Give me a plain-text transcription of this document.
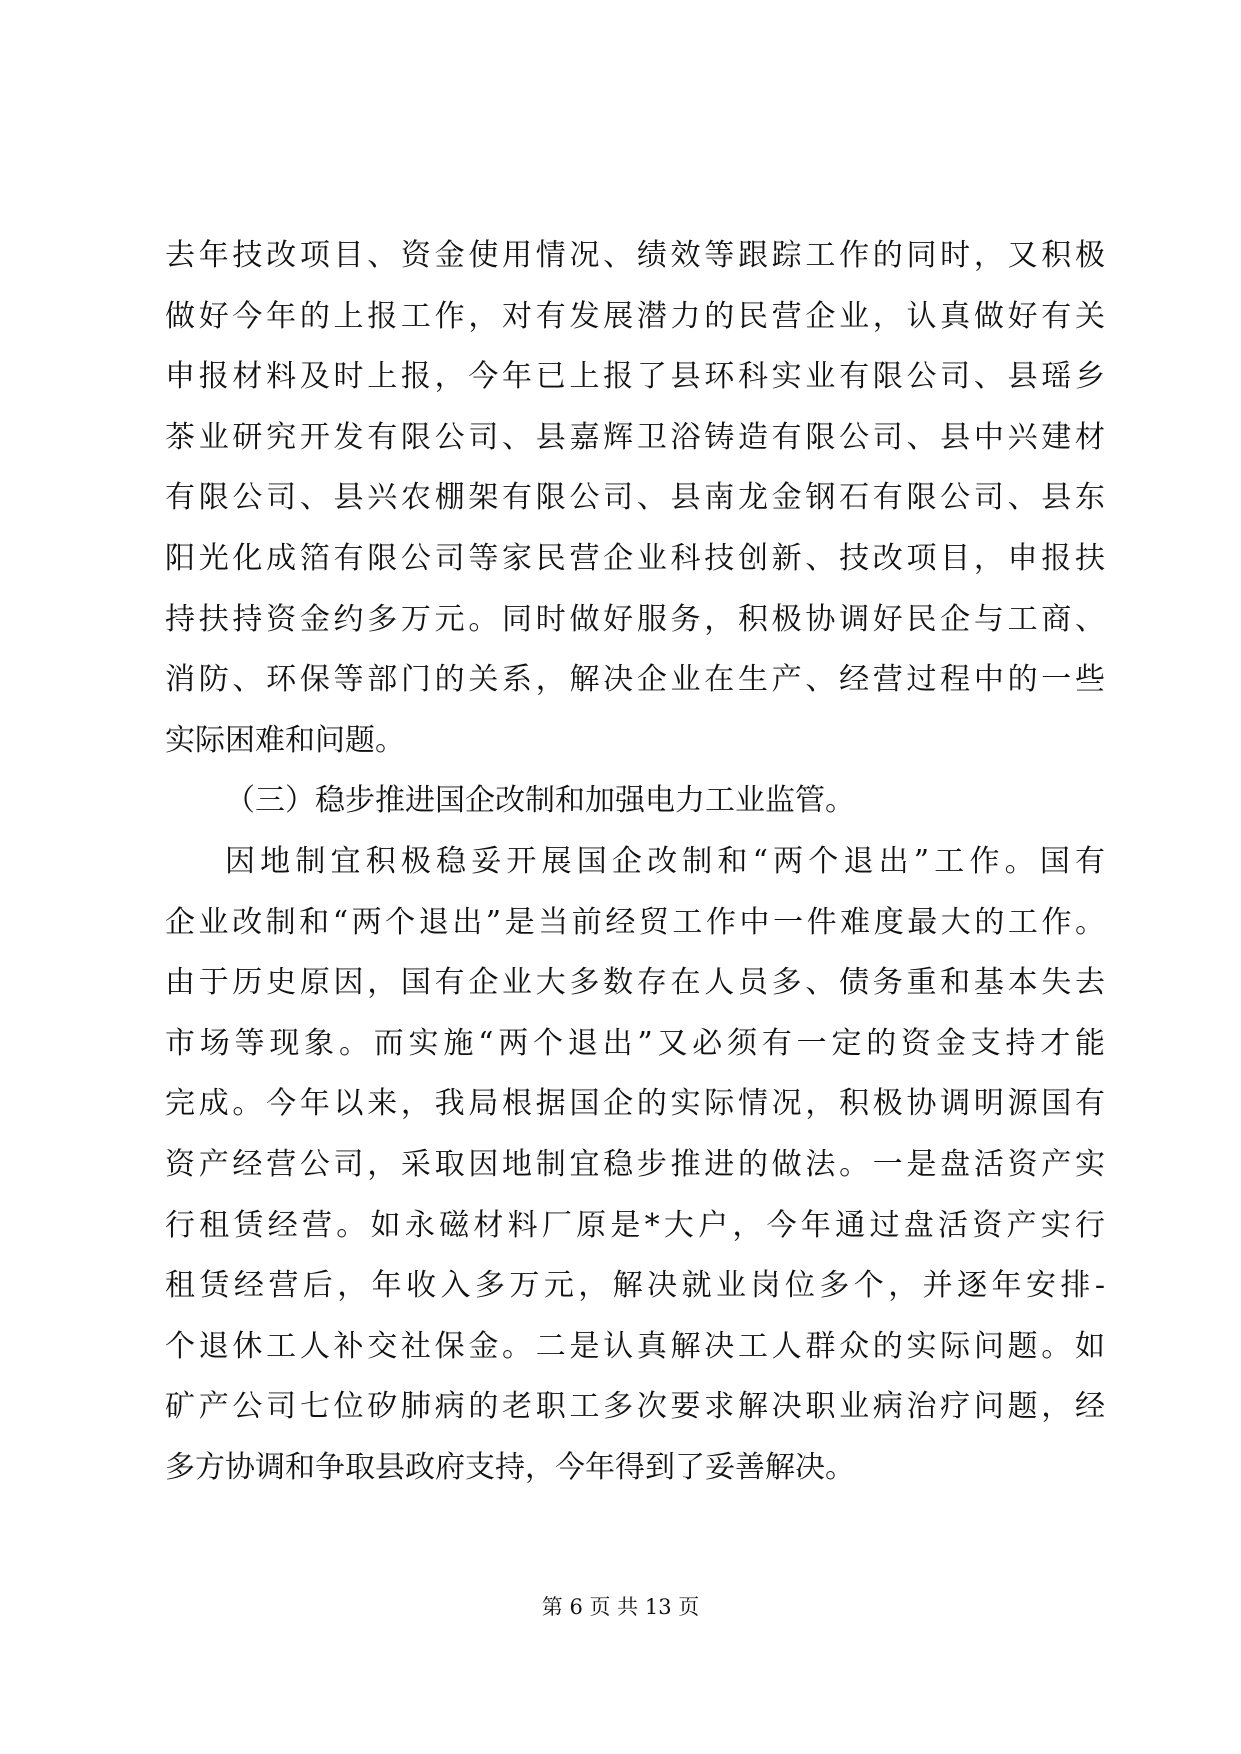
去年技改项目、资金使用情况、绩效等跟踪工作的同时，又积极
做好今年的上报工作，对有发展潜力的民营企业，认真做好有关
申报材料及时上报，今年已上报了县环科实业有限公司、县瑶乡
茶业研究开发有限公司、县嘉辉卫浴铸造有限公司、县中兴建材
有限公司、县兴农棚架有限公司、县南龙金钢石有限公司、县东
阳光化成箔有限公司等家民营企业科技创新、技改项目，申报扶
持扶持资金约多万元。同时做好服务，积极协调好民企与工商、
消防、环保等部门的关系，解决企业在生产、经营过程中的一些
实际困难和问题。
（三）稳步推进国企改制和加强电力工业监管。
因地制宜积极稳妥开展国企改制和“两个退出”工作。国有
企业改制和“两个退出”是当前经贸工作中一件难度最大的工作。
由于历史原因，国有企业大多数存在人员多、债务重和基本失去
市场等现象。而实施“两个退出”又必须有一定的资金支持才能
完成。今年以来，我局根据国企的实际情况，积极协调明源国有
资产经营公司，采取因地制宜稳步推进的做法。一是盘活资产实
行租赁经营。如永磁材料厂原是*大户，今年通过盘活资产实行
租赁经营后，年收入多万元，解决就业岗位多个，并逐年安排-
个退休工人补交社保金。二是认真解决工人群众的实际问题。如
矿产公司七位矽肺病的老职工多次要求解决职业病治疗问题，经
多方协调和争取县政府支持，今年得到了妥善解决。
第 6 页 共 13 页
